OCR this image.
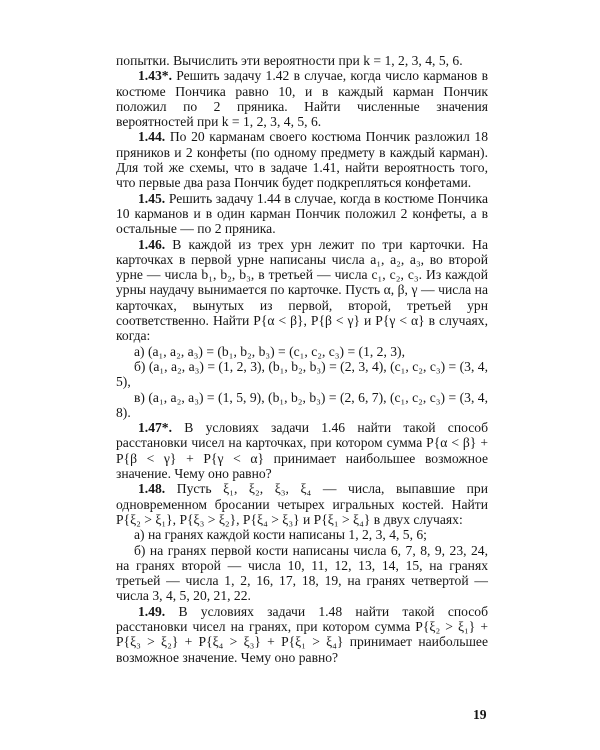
попытки. Вычислить эти вероятности при k = 1, 2, 3, 4, 5, 6.

1.43*. Решить задачу 1.42 в случае, когда число карманов в костюме Пончика равно 10, и в каждый карман Пончик положил по 2 пряника. Найти численные значения вероятностей при k = 1, 2, 3, 4, 5, 6.

1.44. По 20 карманам своего костюма Пончик разложил 18 пряников и 2 конфеты (по одному предмету в каждый карман). Для той же схемы, что в задаче 1.41, найти вероятность того, что первые два раза Пончик будет подкрепляться конфетами.

1.45. Решить задачу 1.44 в случае, когда в костюме Пончика 10 карманов и в один карман Пончик положил 2 конфеты, а в остальные — по 2 пряника.

1.46. В каждой из трех урн лежит по три карточки. На карточках в первой урне написаны числа a₁, a₂, a₃, во второй урне — числа b₁, b₂, b₃, в третьей — числа c₁, c₂, c₃. Из каждой урны наудачу вынимается по карточке. Пусть α, β, γ — числа на карточках, вынутых из первой, второй, третьей урн соответственно. Найти P{α < β}, P{β < γ} и P{γ < α} в случаях, когда:

а) (a₁, a₂, a₃) = (b₁, b₂, b₃) = (c₁, c₂, c₃) = (1, 2, 3),

б) (a₁, a₂, a₃) = (1, 2, 3), (b₁, b₂, b₃) = (2, 3, 4), (c₁, c₂, c₃) = (3, 4, 5),

в) (a₁, a₂, a₃) = (1, 5, 9), (b₁, b₂, b₃) = (2, 6, 7), (c₁, c₂, c₃) = (3, 4, 8).

1.47*. В условиях задачи 1.46 найти такой способ расстановки чисел на карточках, при котором сумма P{α < β} + P{β < γ} + P{γ < α} принимает наибольшее возможное значение. Чему оно равно?

1.48. Пусть ξ₁, ξ₂, ξ₃, ξ₄ — числа, выпавшие при одновременном бросании четырех игральных костей. Найти P{ξ₂ > ξ₁}, P{ξ₃ > ξ₂}, P{ξ₄ > ξ₃} и P{ξ₁ > ξ₄} в двух случаях:

а) на гранях каждой кости написаны 1, 2, 3, 4, 5, 6;

б) на гранях первой кости написаны числа 6, 7, 8, 9, 23, 24, на гранях второй — числа 10, 11, 12, 13, 14, 15, на гранях третьей — числа 1, 2, 16, 17, 18, 19, на гранях четвертой — числа 3, 4, 5, 20, 21, 22.

1.49. В условиях задачи 1.48 найти такой способ расстановки чисел на гранях, при котором сумма P{ξ₂ > ξ₁} + P{ξ₃ > ξ₂} + P{ξ₄ > ξ₃} + P{ξ₁ > ξ₄} принимает наибольшее возможное значение. Чему оно равно?

19
